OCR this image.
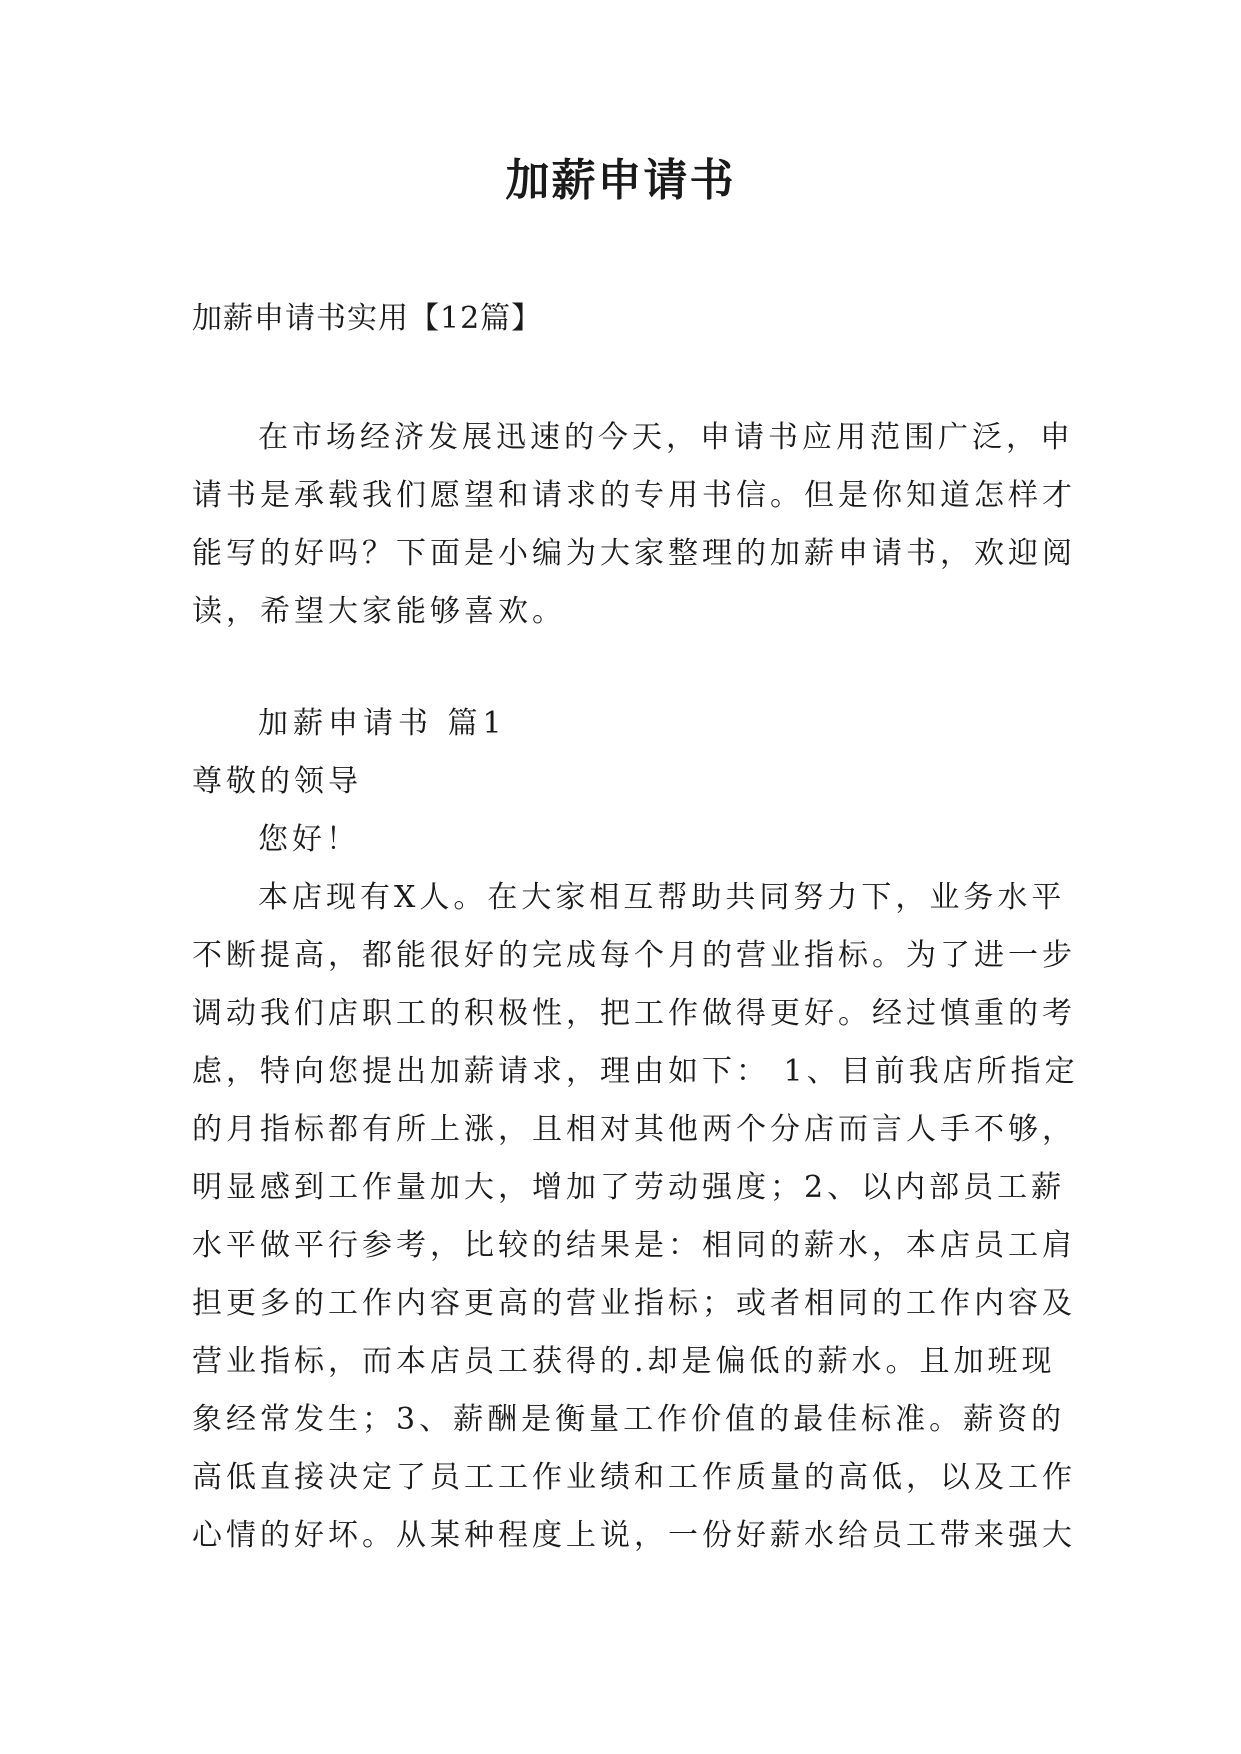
加薪申请书

加薪申请书实用【12篇】

在市场经济发展迅速的今天，申请书应用范围广泛，申
请书是承载我们愿望和请求的专用书信。但是你知道怎样才
能写的好吗？下面是小编为大家整理的加薪申请书，欢迎阅
读，希望大家能够喜欢。
加薪申请书 篇1
尊敬的领导
您好！
本店现有X人。在大家相互帮助共同努力下，业务水平
不断提高，都能很好的完成每个月的营业指标。为了进一步
调动我们店职工的积极性，把工作做得更好。经过慎重的考
虑，特向您提出加薪请求，理由如下： 1、目前我店所指定
的月指标都有所上涨，且相对其他两个分店而言人手不够，
明显感到工作量加大，增加了劳动强度；2、以内部员工薪
水平做平行参考，比较的结果是：相同的薪水，本店员工肩
担更多的工作内容更高的营业指标；或者相同的工作内容及
营业指标，而本店员工获得的.却是偏低的薪水。且加班现
象经常发生；3、薪酬是衡量工作价值的最佳标准。薪资的
高低直接决定了员工工作业绩和工作质量的高低，以及工作
心情的好坏。从某种程度上说，一份好薪水给员工带来强大
